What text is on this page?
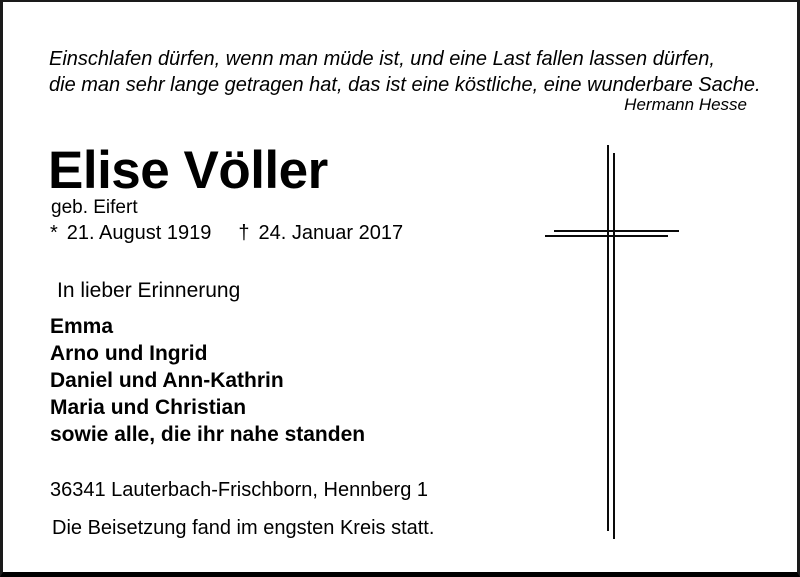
Einschlafen dürfen, wenn man müde ist, und eine Last fallen lassen dürfen,
die man sehr lange getragen hat, das ist eine köstliche, eine wunderbare Sache.
Hermann Hesse
Elise Völler
geb. Eifert
* 21. August 1919 † 24. Januar 2017
In lieber Erinnerung
Emma
Arno und Ingrid
Daniel und Ann-Kathrin
Maria und Christian
sowie alle, die ihr nahe standen
36341 Lauterbach-Frischborn, Hennberg 1
Die Beisetzung fand im engsten Kreis statt.
